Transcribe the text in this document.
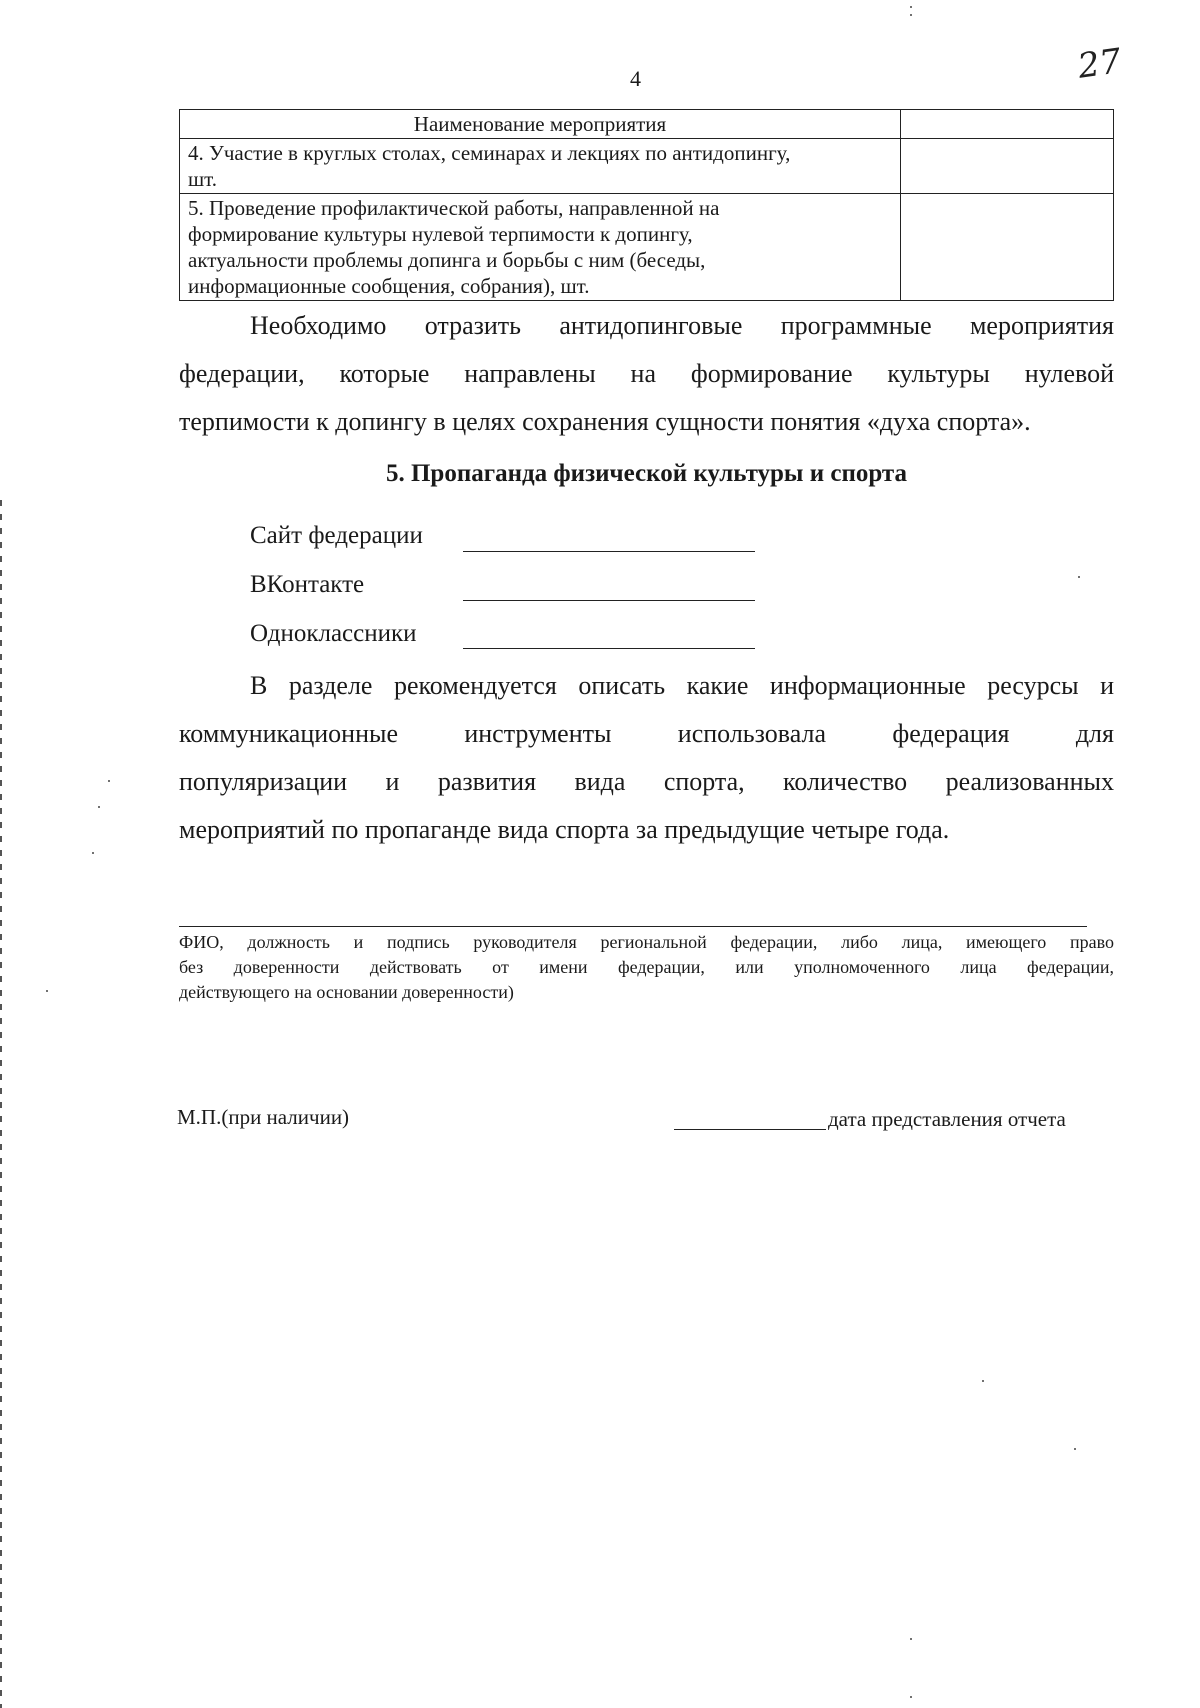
4	27
Наименование мероприятия	

4. Участие в круглых столах, семинарах и лекциях по антидопингу,
шт.	

5. Проведение профилактической работы, направленной на
формирование культуры нулевой терпимости к допингу,
актуальности проблемы допинга и борьбы с ним (беседы,
информационные сообщения, собрания), шт.	

Необходимо отразить антидопинговые программные мероприятия
федерации, которые направлены на формирование культуры нулевой
терпимости к допингу в целях сохранения сущности понятия «духа спорта».
5. Пропаганда физической культуры и спорта
Сайт федерации
ВКонтакте
Одноклассники
В разделе рекомендуется описать какие информационные ресурсы и
коммуникационные инструменты использовала федерация для
популяризации и развития вида спорта, количество реализованных
мероприятий по пропаганде вида спорта за предыдущие четыре года.
ФИО, должность и подпись руководителя региональной федерации, либо лица, имеющего право
без доверенности действовать от имени федерации, или уполномоченного лица федерации,
действующего на основании доверенности)
М.П.(при наличии)	дата представления отчета
